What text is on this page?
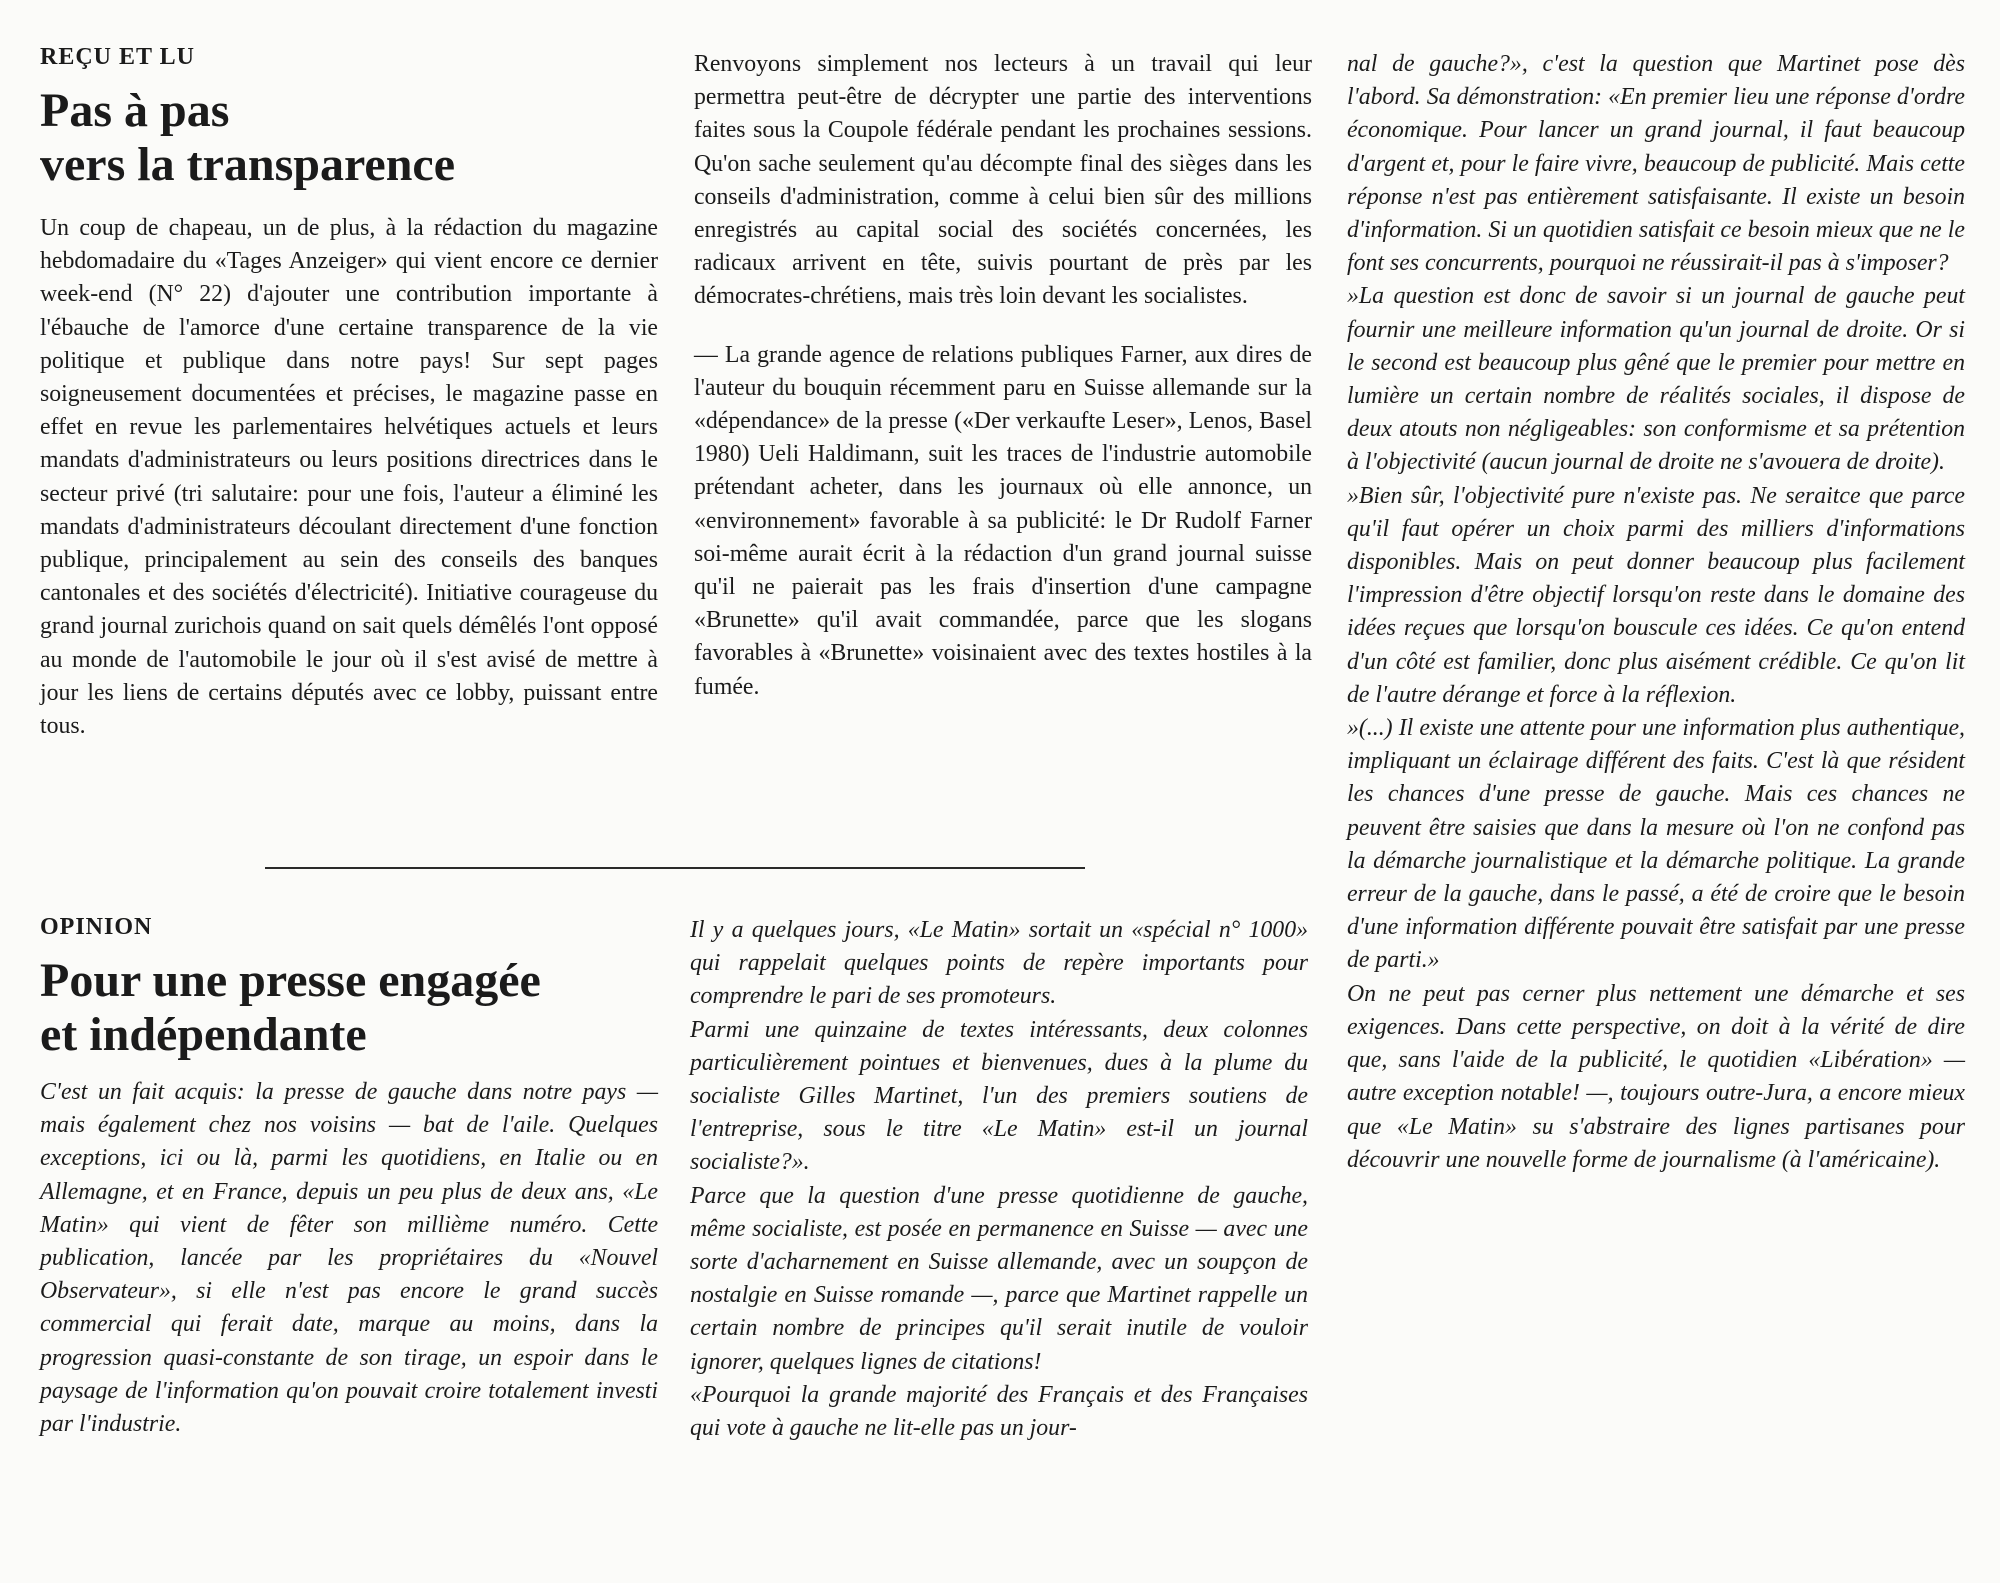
REÇU ET LU
Pas à pas
vers la transparence

Un coup de chapeau, un de plus, à la rédaction du magazine hebdomadaire du «Tages Anzeiger» qui vient encore ce dernier week-end (N° 22) d'ajouter une contribution importante à l'ébauche de l'amorce d'une certaine transparence de la vie politique et publique dans notre pays! Sur sept pages soigneusement documentées et précises, le magazine passe en effet en revue les parlementaires helvétiques actuels et leurs mandats d'administrateurs ou leurs positions directrices dans le secteur privé (tri salutaire: pour une fois, l'auteur a éliminé les mandats d'administrateurs découlant directement d'une fonction publique, principalement au sein des conseils des banques cantonales et des sociétés d'électricité). Initiative courageuse du grand journal zurichois quand on sait quels démêlés l'ont opposé au monde de l'automobile le jour où il s'est avisé de mettre à jour les liens de certains députés avec ce lobby, puissant entre tous.

Renvoyons simplement nos lecteurs à un travail qui leur permettra peut-être de décrypter une partie des interventions faites sous la Coupole fédérale pendant les prochaines sessions. Qu'on sache seulement qu'au décompte final des sièges dans les conseils d'administration, comme à celui bien sûr des millions enregistrés au capital social des sociétés concernées, les radicaux arrivent en tête, suivis pourtant de près par les démocrates-chrétiens, mais très loin devant les socialistes.

— La grande agence de relations publiques Farner, aux dires de l'auteur du bouquin récemment paru en Suisse allemande sur la «dépendance» de la presse («Der verkaufte Leser», Lenos, Basel 1980) Ueli Haldimann, suit les traces de l'industrie automobile prétendant acheter, dans les journaux où elle annonce, un «environnement» favorable à sa publicité: le Dr Rudolf Farner soi-même aurait écrit à la rédaction d'un grand journal suisse qu'il ne paierait pas les frais d'insertion d'une campagne «Brunette» qu'il avait commandée, parce que les slogans favorables à «Brunette» voisinaient avec des textes hostiles à la fumée.

OPINION
Pour une presse engagée
et indépendante

C'est un fait acquis: la presse de gauche dans notre pays — mais également chez nos voisins — bat de l'aile. Quelques exceptions, ici ou là, parmi les quotidiens, en Italie ou en Allemagne, et en France, depuis un peu plus de deux ans, «Le Matin» qui vient de fêter son millième numéro. Cette publication, lancée par les propriétaires du «Nouvel Observateur», si elle n'est pas encore le grand succès commercial qui ferait date, marque au moins, dans la progression quasi-constante de son tirage, un espoir dans le paysage de l'information qu'on pouvait croire totalement investi par l'industrie.

Il y a quelques jours, «Le Matin» sortait un «spécial n° 1000» qui rappelait quelques points de repère importants pour comprendre le pari de ses promoteurs.

Parmi une quinzaine de textes intéressants, deux colonnes particulièrement pointues et bienvenues, dues à la plume du socialiste Gilles Martinet, l'un des premiers soutiens de l'entreprise, sous le titre «Le Matin» est-il un journal socialiste?».

Parce que la question d'une presse quotidienne de gauche, même socialiste, est posée en permanence en Suisse — avec une sorte d'acharnement en Suisse allemande, avec un soupçon de nostalgie en Suisse romande —, parce que Martinet rappelle un certain nombre de principes qu'il serait inutile de vouloir ignorer, quelques lignes de citations!

«Pourquoi la grande majorité des Français et des Françaises qui vote à gauche ne lit-elle pas un jour-

nal de gauche?», c'est la question que Martinet pose dès l'abord. Sa démonstration: «En premier lieu une réponse d'ordre économique. Pour lancer un grand journal, il faut beaucoup d'argent et, pour le faire vivre, beaucoup de publicité. Mais cette réponse n'est pas entièrement satisfaisante. Il existe un besoin d'information. Si un quotidien satisfait ce besoin mieux que ne le font ses concurrents, pourquoi ne réussirait-il pas à s'imposer?

»La question est donc de savoir si un journal de gauche peut fournir une meilleure information qu'un journal de droite. Or si le second est beaucoup plus gêné que le premier pour mettre en lumière un certain nombre de réalités sociales, il dispose de deux atouts non négligeables: son conformisme et sa prétention à l'objectivité (aucun journal de droite ne s'avouera de droite).

»Bien sûr, l'objectivité pure n'existe pas. Ne seraitce que parce qu'il faut opérer un choix parmi des milliers d'informations disponibles. Mais on peut donner beaucoup plus facilement l'impression d'être objectif lorsqu'on reste dans le domaine des idées reçues que lorsqu'on bouscule ces idées. Ce qu'on entend d'un côté est familier, donc plus aisément crédible. Ce qu'on lit de l'autre dérange et force à la réflexion.

»(...) Il existe une attente pour une information plus authentique, impliquant un éclairage différent des faits. C'est là que résident les chances d'une presse de gauche. Mais ces chances ne peuvent être saisies que dans la mesure où l'on ne confond pas la démarche journalistique et la démarche politique. La grande erreur de la gauche, dans le passé, a été de croire que le besoin d'une information différente pouvait être satisfait par une presse de parti.»

On ne peut pas cerner plus nettement une démarche et ses exigences. Dans cette perspective, on doit à la vérité de dire que, sans l'aide de la publicité, le quotidien «Libération» — autre exception notable! —, toujours outre-Jura, a encore mieux que «Le Matin» su s'abstraire des lignes partisanes pour découvrir une nouvelle forme de journalisme (à l'américaine).
